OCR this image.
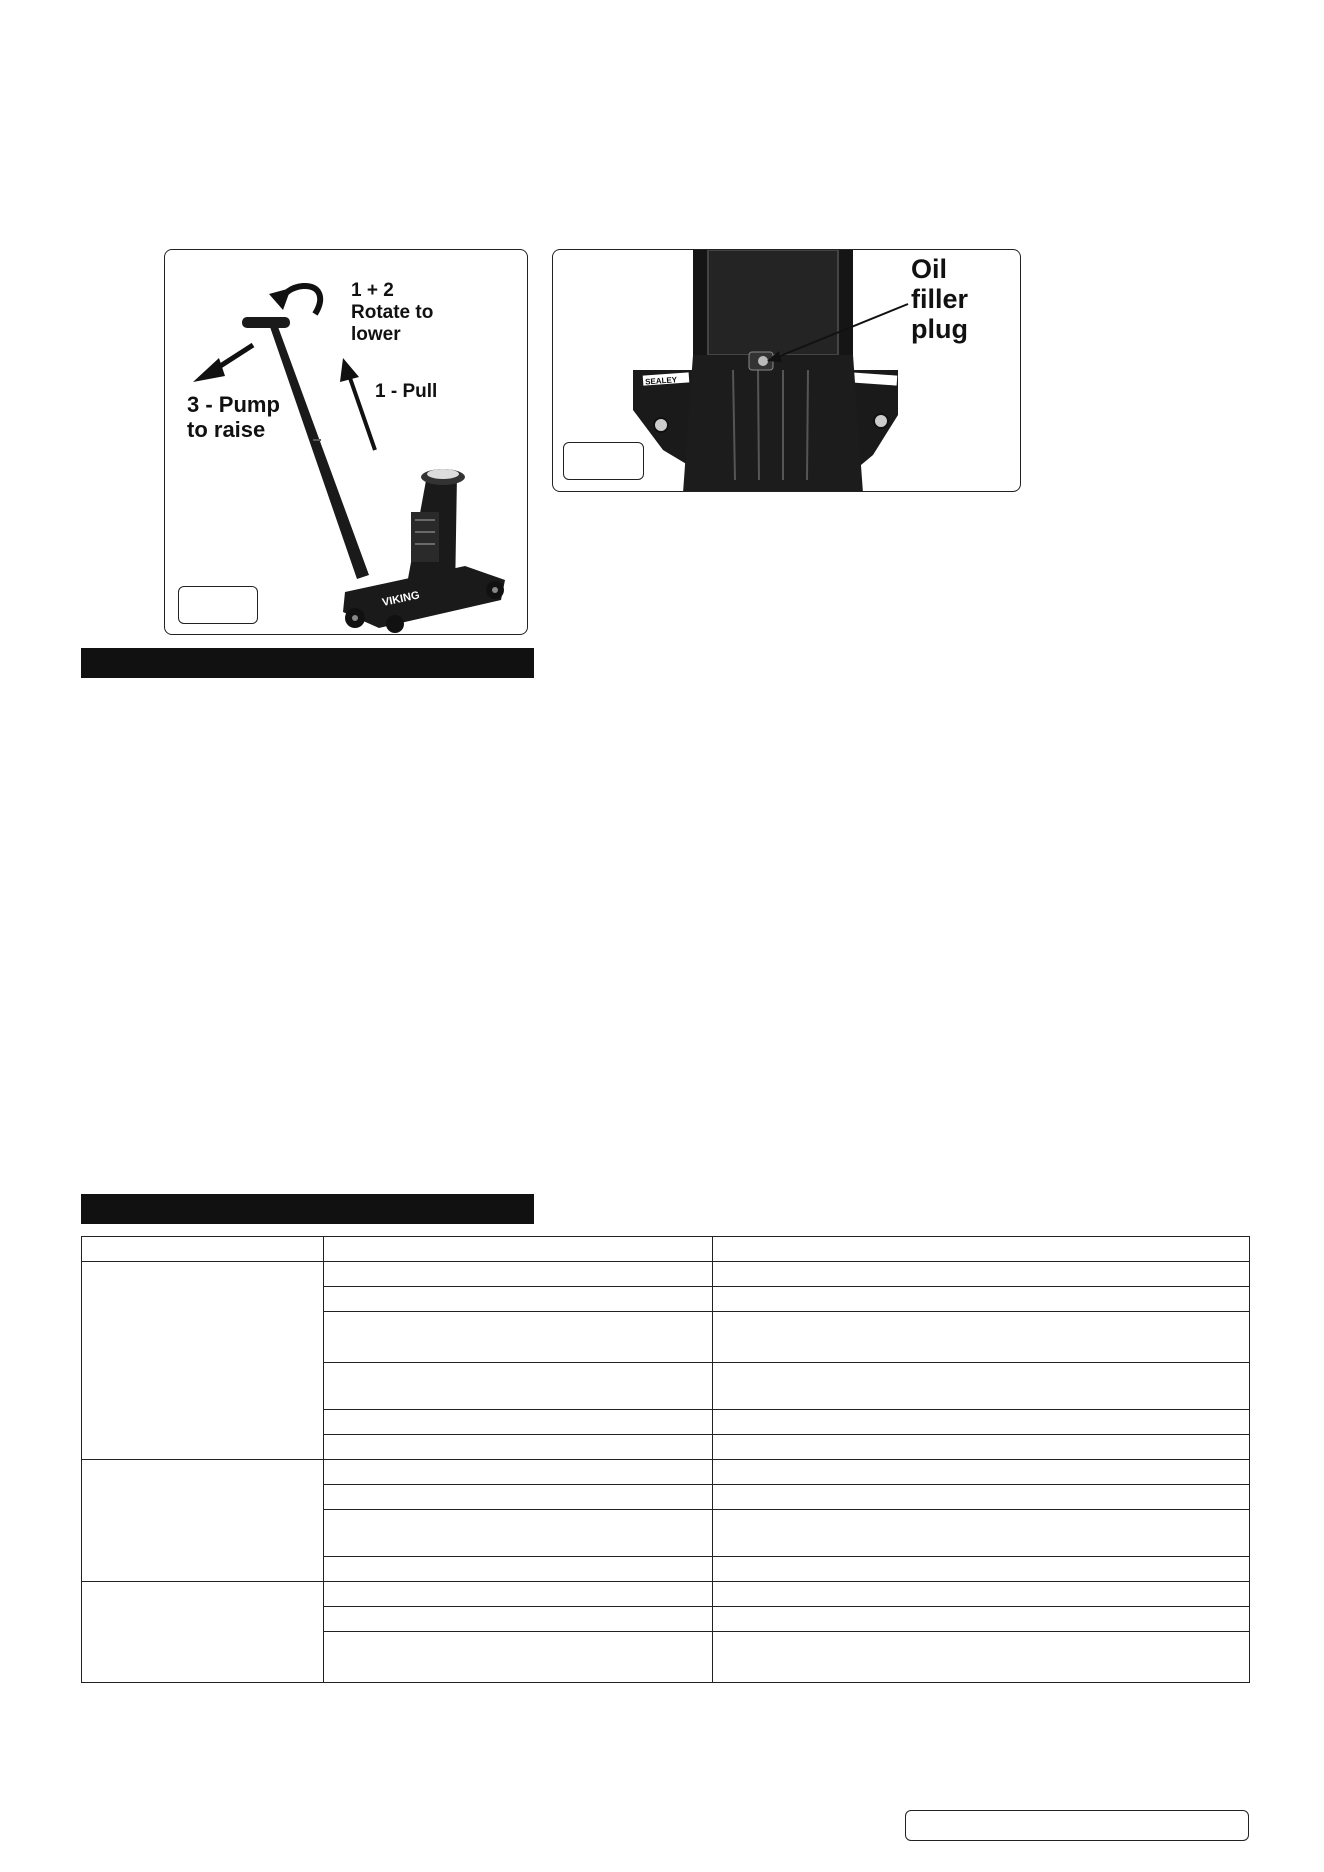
VIKING
1 + 2
Rotate to
lower
3 - Pump
to raise
1 - Pull
SEALEY
Oil
filler
plug
